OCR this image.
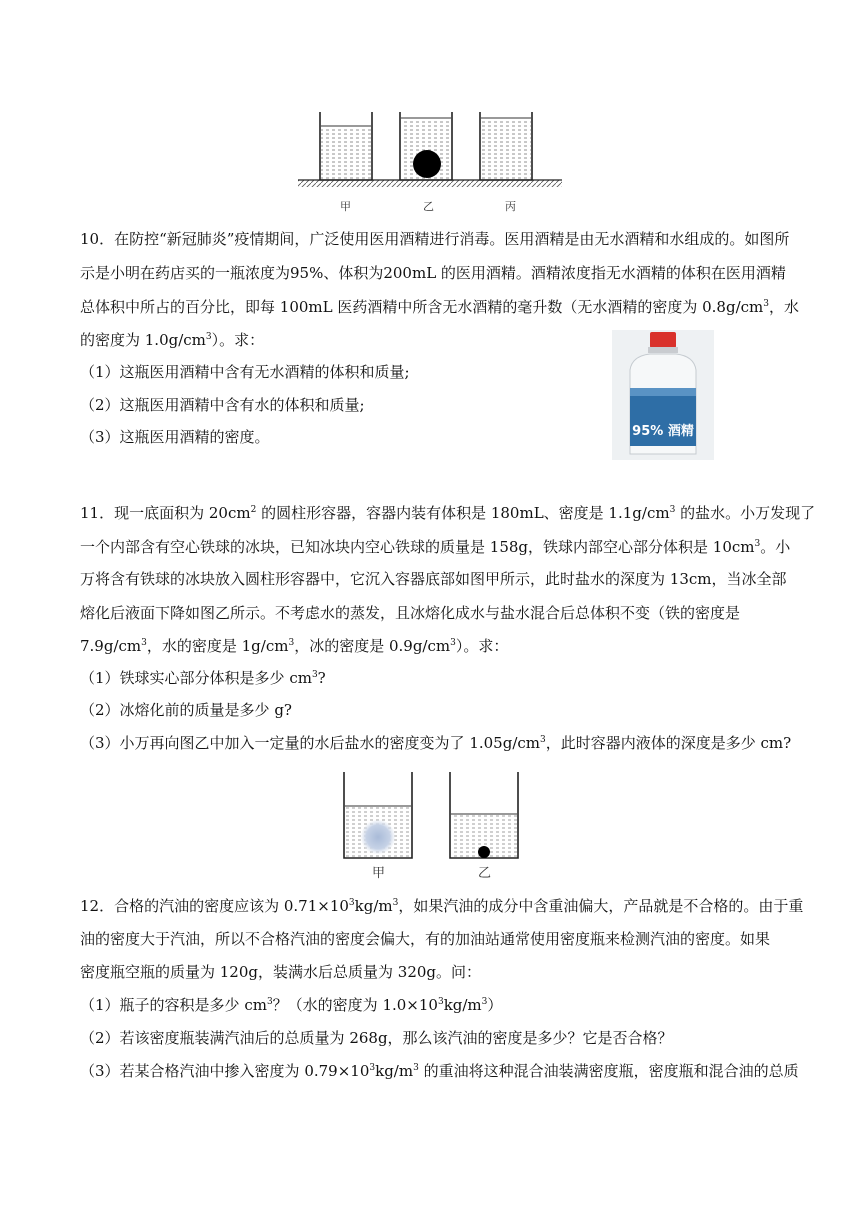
甲	乙	丙
10．在防控“新冠肺炎”疫情期间，广泛使用医用酒精进行消毒。医用酒精是由无水酒精和水组成的。如图所
示是小明在药店买的一瓶浓度为95%、体积为200mL 的医用酒精。酒精浓度指无水酒精的体积在医用酒精
总体积中所占的百分比，即每 100mL 医药酒精中所含无水酒精的毫升数（无水酒精的密度为 $0.8g/cm^3$，水
的密度为 $1.0g/cm^3$）。求：
（1）这瓶医用酒精中含有无水酒精的体积和质量;
（2）这瓶医用酒精中含有水的体积和质量;
（3）这瓶医用酒精的密度。	95% 酒精
11．现一底面积为 $20cm^2$ 的圆柱形容器，容器内装有体积是 180mL、密度是 $1.1g/cm^3$ 的盐水。小万发现了
一个内部含有空心铁球的冰块，已知冰块内空心铁球的质量是 158g，铁球内部空心部分体积是 $10cm^3$。小
万将含有铁球的冰块放入圆柱形容器中，它沉入容器底部如图甲所示，此时盐水的深度为 13cm，当冰全部
熔化后液面下降如图乙所示。不考虑水的蒸发，且冰熔化成水与盐水混合后总体积不变（铁的密度是
$7.9g/cm^3$，水的密度是 $1g/cm^3$，冰的密度是 $0.9g/cm^3$）。求：
（1）铁球实心部分体积是多少 $cm^3$?
（2）冰熔化前的质量是多少 g?
（3）小万再向图乙中加入一定量的水后盐水的密度变为了 $1.05g/cm^3$，此时容器内液体的深度是多少 cm?
甲	乙
12．合格的汽油的密度应该为 $0.71\times 10^3kg/m^3$，如果汽油的成分中含重油偏大，产品就是不合格的。由于重
油的密度大于汽油，所以不合格汽油的密度会偏大，有的加油站通常使用密度瓶来检测汽油的密度。如果
密度瓶空瓶的质量为 120g，装满水后总质量为 320g。问：
（1）瓶子的容积是多少 $cm^3$？（水的密度为 $1.0\times 10^3kg/m^3$）
（2）若该密度瓶装满汽油后的总质量为 268g，那么该汽油的密度是多少？它是否合格？
（3）若某合格汽油中掺入密度为 $0.79\times 10^3kg/m^3$ 的重油将这种混合油装满密度瓶，密度瓶和混合油的总质
